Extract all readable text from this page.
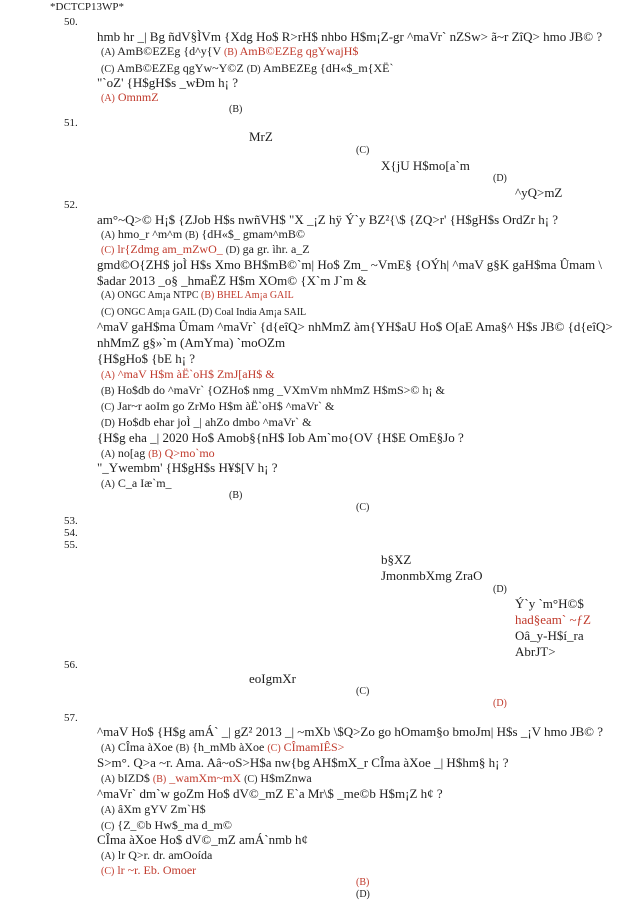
*DCTCP13WP*
50.
hmb hr _| Bg ñdV§ÌVm {Xdg Ho$ R>rH$ nhbo H$m¡Z-gr ^maVr` nZSw> ã~r ZîQ> hmo JB© ?
(A) AmB©EZEg {d^y{V (B) AmB©EZEg qgYwajH$
(C) AmB©EZEg qgYw~Y©Z (D) AmBEZEg {dH«$_m{XË`
"`oZ' {H$gH$s _wÐm h¡ ?
(A) OmnmZ
(B)
51.
MrZ
(C)
X{jU H$mo[a`m
(D)
^yQ>mZ
52.
am°~Q>© H¡$ {ZJob H$s nwñVH$ "X _¡Z hÿ Ý`y BZ²{\$ {ZQ>r' {H$gH$s OrdZr h¡ ?
(A) hmo_r ^m^m (B) {dH«$_ gmam^mB©
(C) lr{Zdmg am_mZwO_ (D) ga gr. ìhr. a_Z
gmd©O{ZH$ joÌ H$s Xmo BH$mB©`m| Ho$ Zm_ ~VmE§ {OÝh| ^maV g§K gaH$ma Ûmam \
$adar 2013 _o§ _hmaËZ H$m XOm© {X`m J`m &
(A) ONGC Am¡a NTPC (B) BHEL Am¡a GAIL
(C) ONGC Am¡a GAIL (D) Coal India Am¡a SAIL
^maV gaH$ma Ûmam ^maVr` {d{eîQ> nhMmZ àm{YH$aU Ho$ O[aE Ama§^ H$s JB© {d{eîQ>
nhMmZ g§»`m (AmYma) `moOZm
{H$gHo$ {bE h¡ ?
(A) ^maV H$m àË`oH$ ZmJ[aH$ &
(B) Ho$db do ^maVr` {OZHo$ nmg _VXmVm nhMmZ H$mS>© h¡ &
(C) Jar~r aoIm go ZrMo H$m àË`oH$ ^maVr` &
(D) Ho$db ehar joÌ _| ahZo dmbo ^maVr` &
{H$g eha _| 2020 Ho$ Amob§{nH$ Iob Am`mo{OV {H$E OmE§Jo ?
(A) no[ag (B) Q>mo`mo
"_Ywembm' {H$gH$s H¥$[V h¡ ?
(A) C_a Iæ`m_
(B)
(C)
53.
54.
55.
b§XZ
JmonmbXmg ZraO
(D)
Ý`y `m°H©$
had§eam` ~ƒZ
Oâ_y-H$í_ra
AbrJT>
56.
eoIgmXr
(C)
(D)
57.
^maV Ho$ {H$g amÁ` _| gZ² 2013 _| ~mXb \$Q>Zo go hOmam§o bmoJm| H$s _¡V hmo JB© ?
(A) CÎma àXoe (B) {h_mMb àXoe (C) CÎmamIÊS>
S>m°. Q>a ~r. Ama. Aâ~oS>H$a nw{bg AH$mX_r CÎma àXoe _| H$hm§ h¡ ?
(A) bIZD$ (B) _wamXm~mX (C) H$mZnwa
^maVr` dm`w goZm Ho$ dV©_mZ E`a Mr\$ _me©b H$m¡Z h¢ ?
(A) âXm gYV Zm`H$
(C) {Z_©b Hw$_ma d_m©
CÎma àXoe Ho$ dV©_mZ amÁ`nmb h¢
(A) lr Q>r. dr. amOoída
(C) lr ~r. Eb. Omoer
(B)
(D)
